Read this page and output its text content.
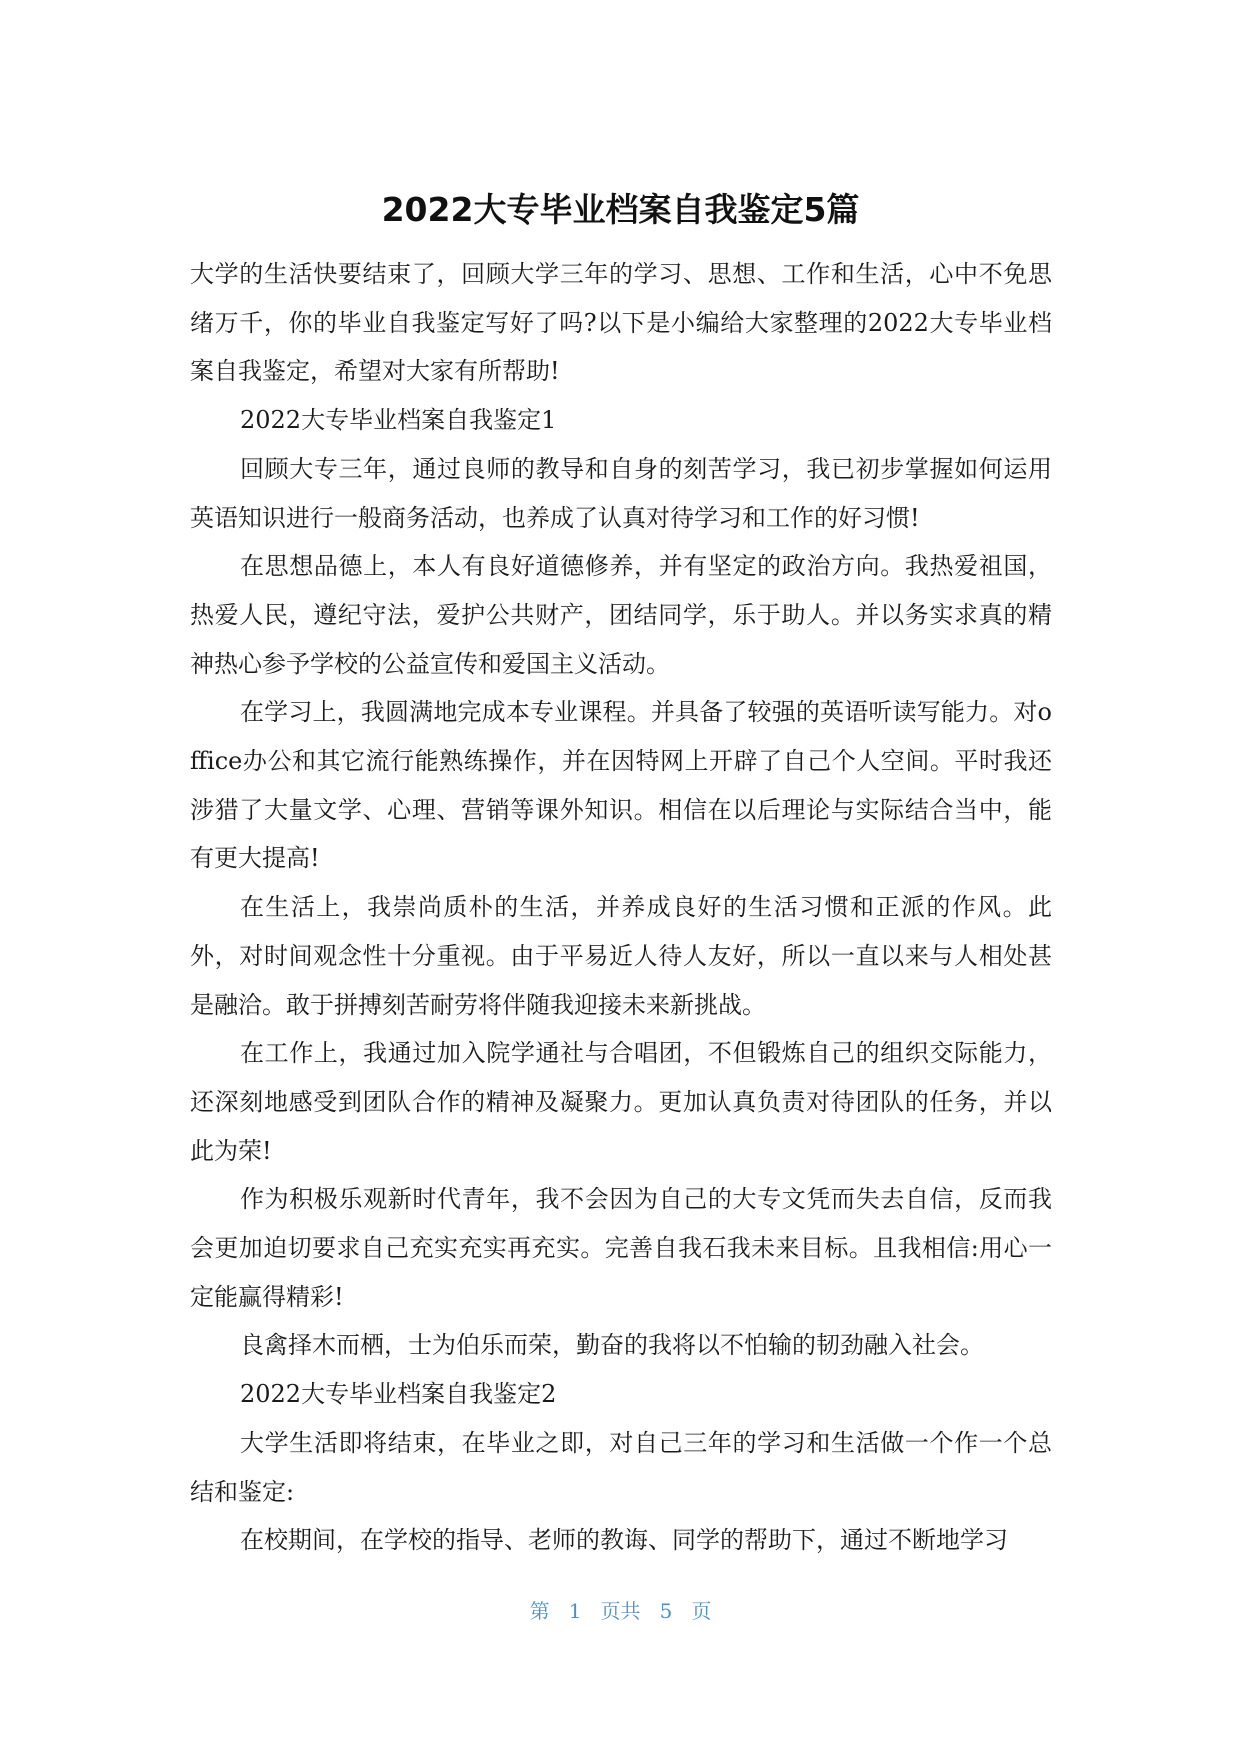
2022大专毕业档案自我鉴定5篇

大学的生活快要结束了，回顾大学三年的学习、思想、工作和生活，心中不免思绪万千，你的毕业自我鉴定写好了吗?以下是小编给大家整理的2022大专毕业档案自我鉴定，希望对大家有所帮助!

2022大专毕业档案自我鉴定1

回顾大专三年，通过良师的教导和自身的刻苦学习，我已初步掌握如何运用英语知识进行一般商务活动，也养成了认真对待学习和工作的好习惯!

在思想品德上，本人有良好道德修养，并有坚定的政治方向。我热爱祖国，热爱人民，遵纪守法，爱护公共财产，团结同学，乐于助人。并以务实求真的精神热心参予学校的公益宣传和爱国主义活动。

在学习上，我圆满地完成本专业课程。并具备了较强的英语听读写能力。对office办公和其它流行能熟练操作，并在因特网上开辟了自己个人空间。平时我还涉猎了大量文学、心理、营销等课外知识。相信在以后理论与实际结合当中，能有更大提高!

在生活上，我崇尚质朴的生活，并养成良好的生活习惯和正派的作风。此外，对时间观念性十分重视。由于平易近人待人友好，所以一直以来与人相处甚是融洽。敢于拼搏刻苦耐劳将伴随我迎接未来新挑战。

在工作上，我通过加入院学通社与合唱团，不但锻炼自己的组织交际能力，还深刻地感受到团队合作的精神及凝聚力。更加认真负责对待团队的任务，并以此为荣!

作为积极乐观新时代青年，我不会因为自己的大专文凭而失去自信，反而我会更加迫切要求自己充实充实再充实。完善自我石我未来目标。且我相信:用心一定能赢得精彩!

良禽择木而栖，士为伯乐而荣，勤奋的我将以不怕输的韧劲融入社会。

2022大专毕业档案自我鉴定2

大学生活即将结束，在毕业之即，对自己三年的学习和生活做一个作一个总结和鉴定:

在校期间，在学校的指导、老师的教诲、同学的帮助下，通过不断地学习

第 1 页共 5 页
